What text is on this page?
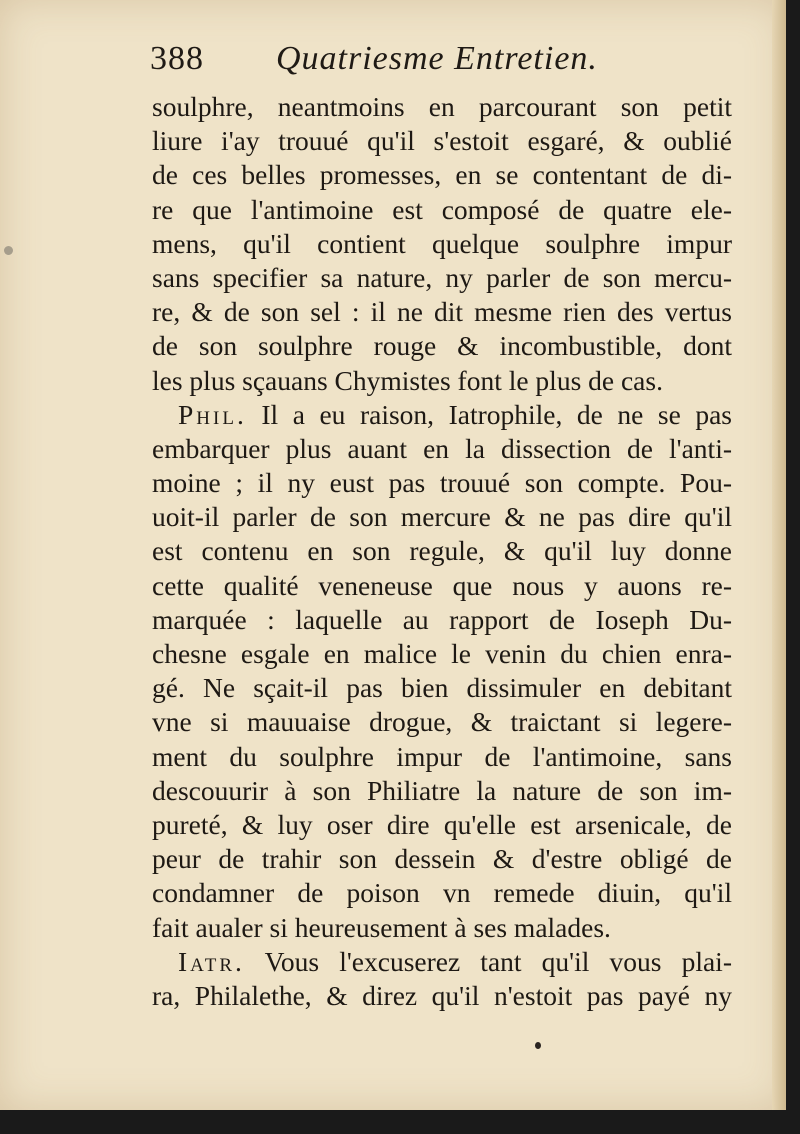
388	Quatriesme Entretien.
soulphre, neantmoins en parcourant son petit
liure i'ay trouué qu'il s'estoit esgaré, & oublié
de ces belles promesses, en se contentant de di-
re que l'antimoine est composé de quatre ele-
mens, qu'il contient quelque soulphre impur
sans specifier sa nature, ny parler de son mercu-
re, & de son sel : il ne dit mesme rien des vertus
de son soulphre rouge & incombustible, dont
les plus sçauans Chymistes font le plus de cas.
Phil. Il a eu raison, Iatrophile, de ne se pas
embarquer plus auant en la dissection de l'anti-
moine ; il ny eust pas trouué son compte. Pou-
uoit-il parler de son mercure & ne pas dire qu'il
est contenu en son regule, & qu'il luy donne
cette qualité veneneuse que nous y auons re-
marquée : laquelle au rapport de Ioseph Du-
chesne esgale en malice le venin du chien enra-
gé. Ne sçait-il pas bien dissimuler en debitant
vne si mauuaise drogue, & traictant si legere-
ment du soulphre impur de l'antimoine, sans
descouurir à son Philiatre la nature de son im-
pureté, & luy oser dire qu'elle est arsenicale, de
peur de trahir son dessein & d'estre obligé de
condamner de poison vn remede diuin, qu'il
fait aualer si heureusement à ses malades.
Iatr. Vous l'excuserez tant qu'il vous plai-
ra, Philalethe, & direz qu'il n'estoit pas payé ny
